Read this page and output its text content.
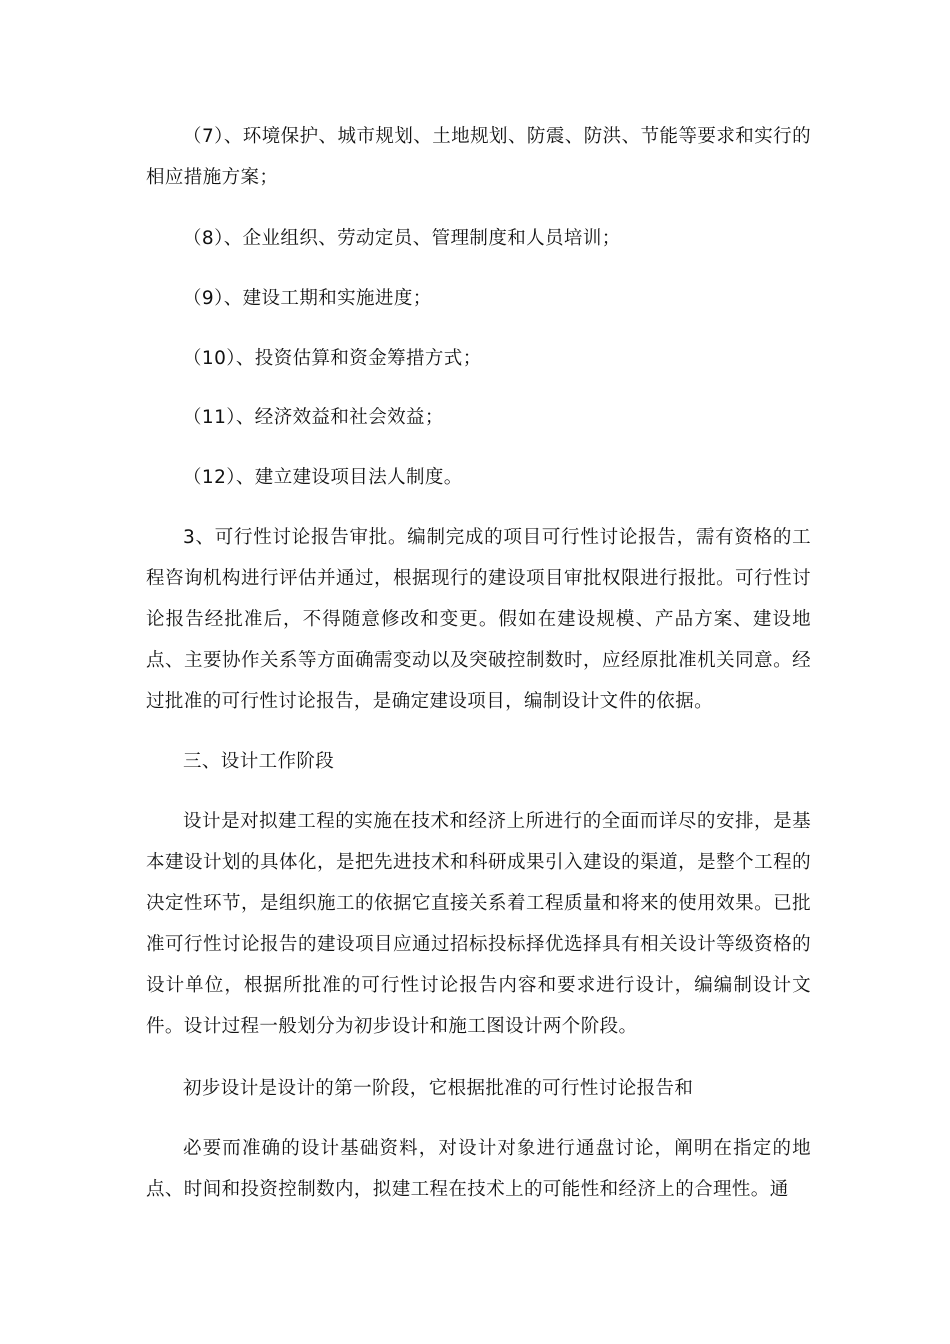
（7）、环境保护、城市规划、土地规划、防震、防洪、节能等要求和实行的相应措施方案；

（8）、企业组织、劳动定员、管理制度和人员培训；

（9）、建设工期和实施进度；

（10）、投资估算和资金筹措方式；

（11）、经济效益和社会效益；

（12）、建立建设项目法人制度。

3、可行性讨论报告审批。编制完成的项目可行性讨论报告，需有资格的工程咨询机构进行评估并通过，根据现行的建设项目审批权限进行报批。可行性讨论报告经批准后，不得随意修改和变更。假如在建设规模、产品方案、建设地点、主要协作关系等方面确需变动以及突破控制数时，应经原批准机关同意。经过批准的可行性讨论报告，是确定建设项目，编制设计文件的依据。

三、设计工作阶段

设计是对拟建工程的实施在技术和经济上所进行的全面而详尽的安排，是基本建设计划的具体化，是把先进技术和科研成果引入建设的渠道，是整个工程的决定性环节，是组织施工的依据它直接关系着工程质量和将来的使用效果。已批准可行性讨论报告的建设项目应通过招标投标择优选择具有相关设计等级资格的设计单位，根据所批准的可行性讨论报告内容和要求进行设计，编编制设计文件。设计过程一般划分为初步设计和施工图设计两个阶段。

初步设计是设计的第一阶段，它根据批准的可行性讨论报告和

必要而准确的设计基础资料，对设计对象进行通盘讨论，阐明在指定的地点、时间和投资控制数内，拟建工程在技术上的可能性和经济上的合理性。通
